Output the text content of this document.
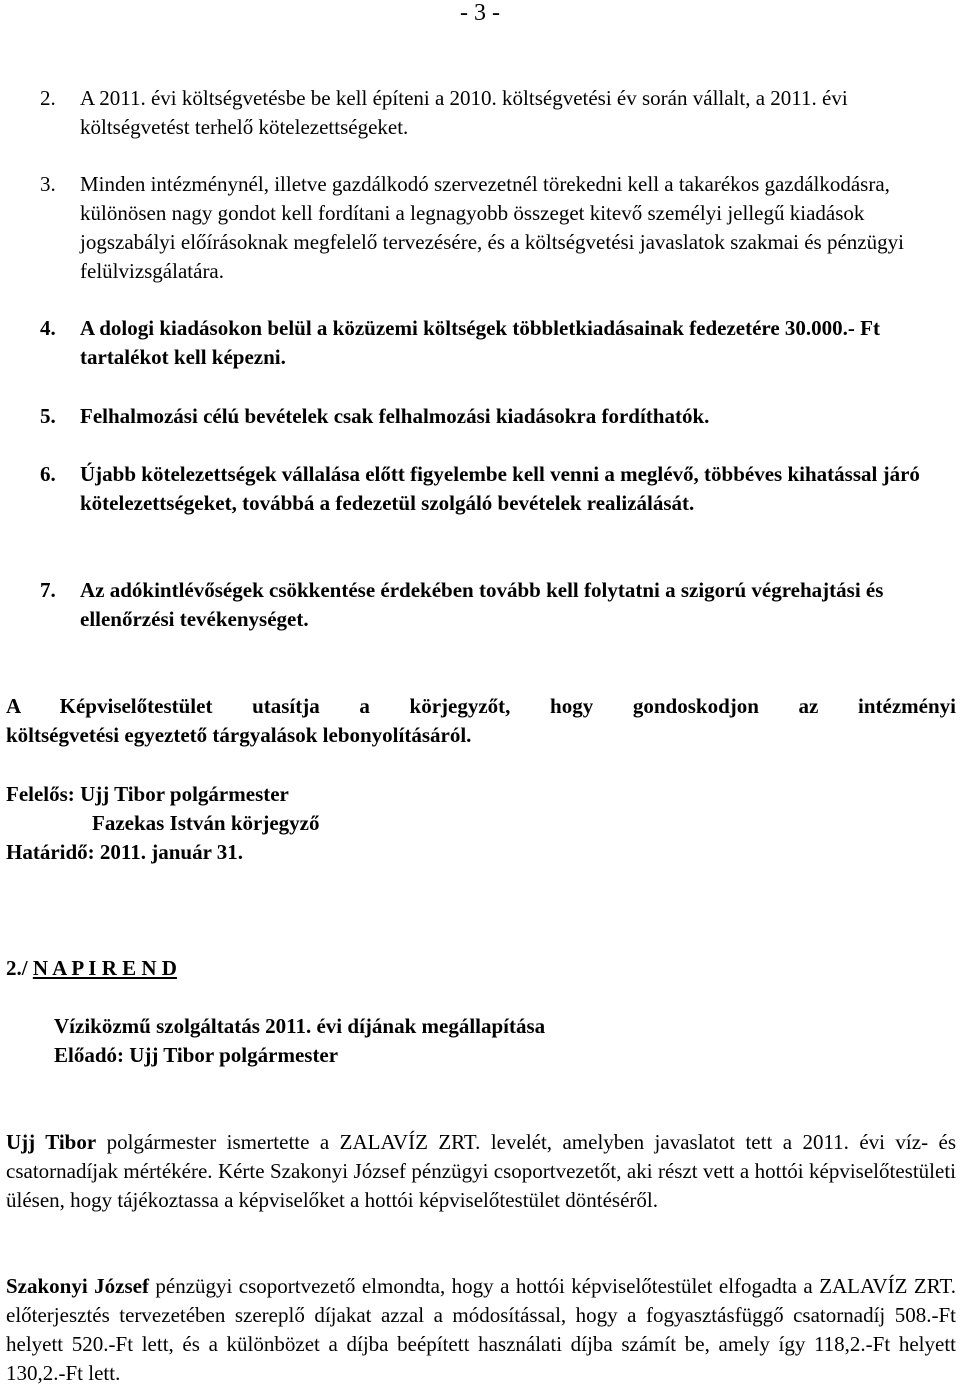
- 3 -
2. A 2011. évi költségvetésbe be kell építeni a 2010. költségvetési év során vállalt, a 2011. évi költségvetést terhelő kötelezettségeket.
3. Minden intézménynél, illetve gazdálkodó szervezetnél törekedni kell a takarékos gazdálkodásra, különösen nagy gondot kell fordítani a legnagyobb összeget kitevő személyi jellegű kiadások jogszabályi előírásoknak megfelelő tervezésére, és a költségvetési javaslatok szakmai és pénzügyi felülvizsgálatára.
4. A dologi kiadásokon belül a közüzemi költségek többletkiadásainak fedezetére 30.000.- Ft tartalékot kell képezni.
5. Felhalmozási célú bevételek csak felhalmozási kiadásokra fordíthatók.
6. Újabb kötelezettségek vállalása előtt figyelembe kell venni a meglévő, többéves kihatással járó kötelezettségeket, továbbá a fedezetül szolgáló bevételek realizálását.
7. Az adókintlévőségek csökkentése érdekében tovább kell folytatni a szigorú végrehajtási és ellenőrzési tevékenységet.
A Képviselőtestület utasítja a körjegyzőt, hogy gondoskodjon az intézményi
költségvetési egyeztető tárgyalások lebonyolításáról.
Felelős: Ujj Tibor polgármester
Fazekas István körjegyző
Határidő: 2011. január 31.
2./ N A P I R E N D
Víziközmű szolgáltatás 2011. évi díjának megállapítása
Előadó: Ujj Tibor polgármester
Ujj Tibor polgármester ismertette a ZALAVÍZ ZRT. levelét, amelyben javaslatot tett a 2011. évi víz- és csatornadíjak mértékére. Kérte Szakonyi József pénzügyi csoportvezetőt, aki részt vett a hottói képviselőtestületi ülésen, hogy tájékoztassa a képviselőket a hottói képviselőtestület döntéséről.
Szakonyi József pénzügyi csoportvezető elmondta, hogy a hottói képviselőtestület elfogadta a ZALAVÍZ ZRT. előterjesztés tervezetében szereplő díjakat azzal a módosítással, hogy a fogyasztásfüggő csatornadíj 508.-Ft helyett 520.-Ft lett, és a különbözet a díjba beépített használati díjba számít be, amely így 118,2.-Ft helyett 130,2.-Ft lett.
